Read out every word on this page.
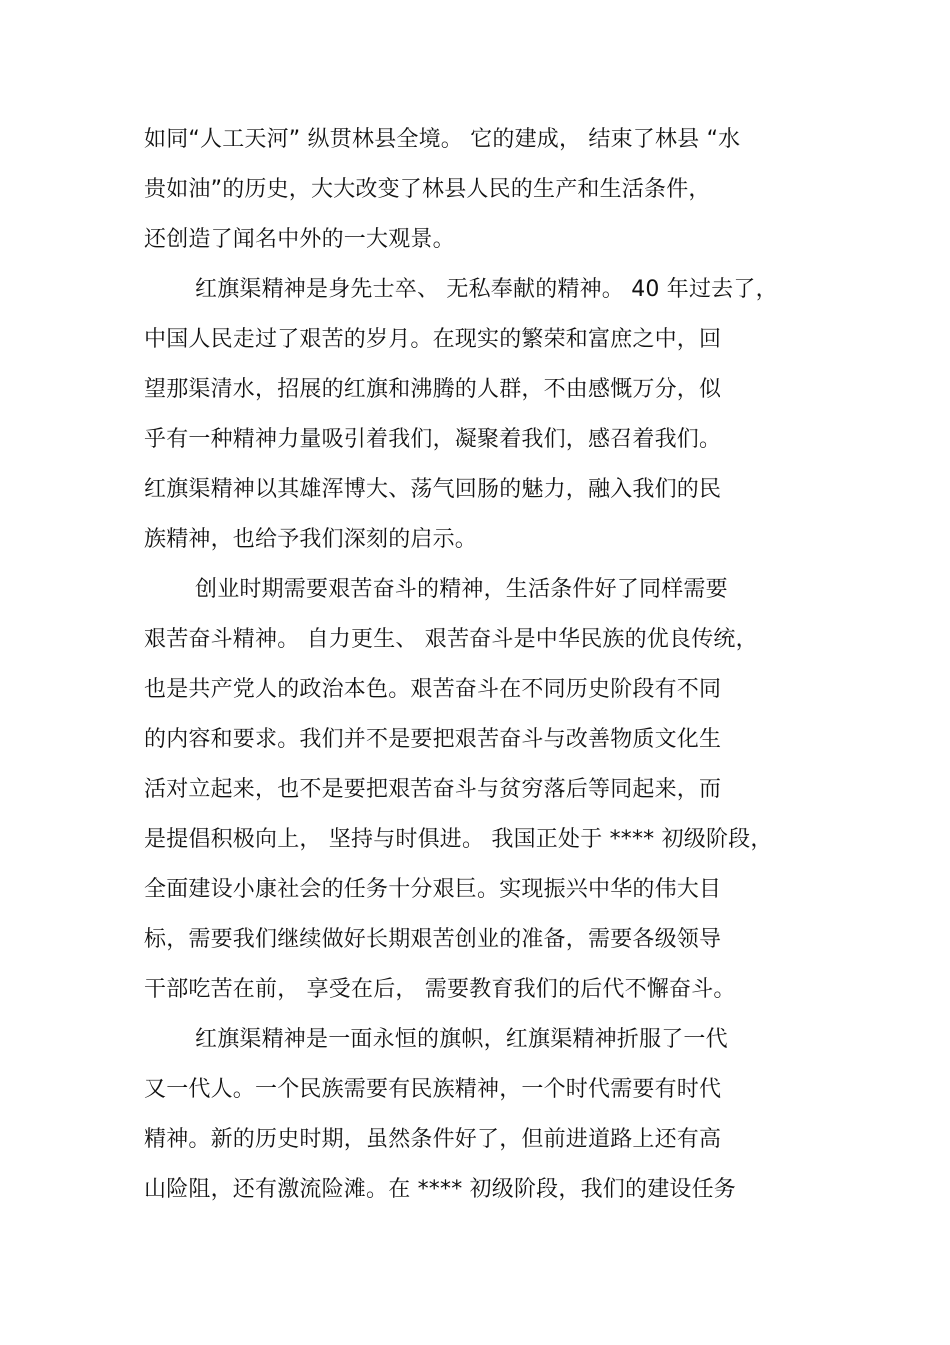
如同“人工天河” 纵贯林县全境。 它的建成， 结束了林县 “水
贵如油”的历史，大大改变了林县人民的生产和生活条件，
还创造了闻名中外的一大观景。
红旗渠精神是身先士卒、 无私奉献的精神。 40 年过去了，
中国人民走过了艰苦的岁月。在现实的繁荣和富庶之中，回
望那渠清水，招展的红旗和沸腾的人群，不由感慨万分，似
乎有一种精神力量吸引着我们，凝聚着我们，感召着我们。
红旗渠精神以其雄浑博大、荡气回肠的魅力，融入我们的民
族精神，也给予我们深刻的启示。
创业时期需要艰苦奋斗的精神，生活条件好了同样需要
艰苦奋斗精神。 自力更生、 艰苦奋斗是中华民族的优良传统，
也是共产党人的政治本色。艰苦奋斗在不同历史阶段有不同
的内容和要求。我们并不是要把艰苦奋斗与改善物质文化生
活对立起来，也不是要把艰苦奋斗与贫穷落后等同起来，而
是提倡积极向上， 坚持与时俱进。 我国正处于 **** 初级阶段，
全面建设小康社会的任务十分艰巨。实现振兴中华的伟大目
标，需要我们继续做好长期艰苦创业的准备，需要各级领导
干部吃苦在前， 享受在后， 需要教育我们的后代不懈奋斗。
红旗渠精神是一面永恒的旗帜，红旗渠精神折服了一代
又一代人。一个民族需要有民族精神，一个时代需要有时代
精神。新的历史时期，虽然条件好了，但前进道路上还有高
山险阻，还有激流险滩。在 **** 初级阶段，我们的建设任务
